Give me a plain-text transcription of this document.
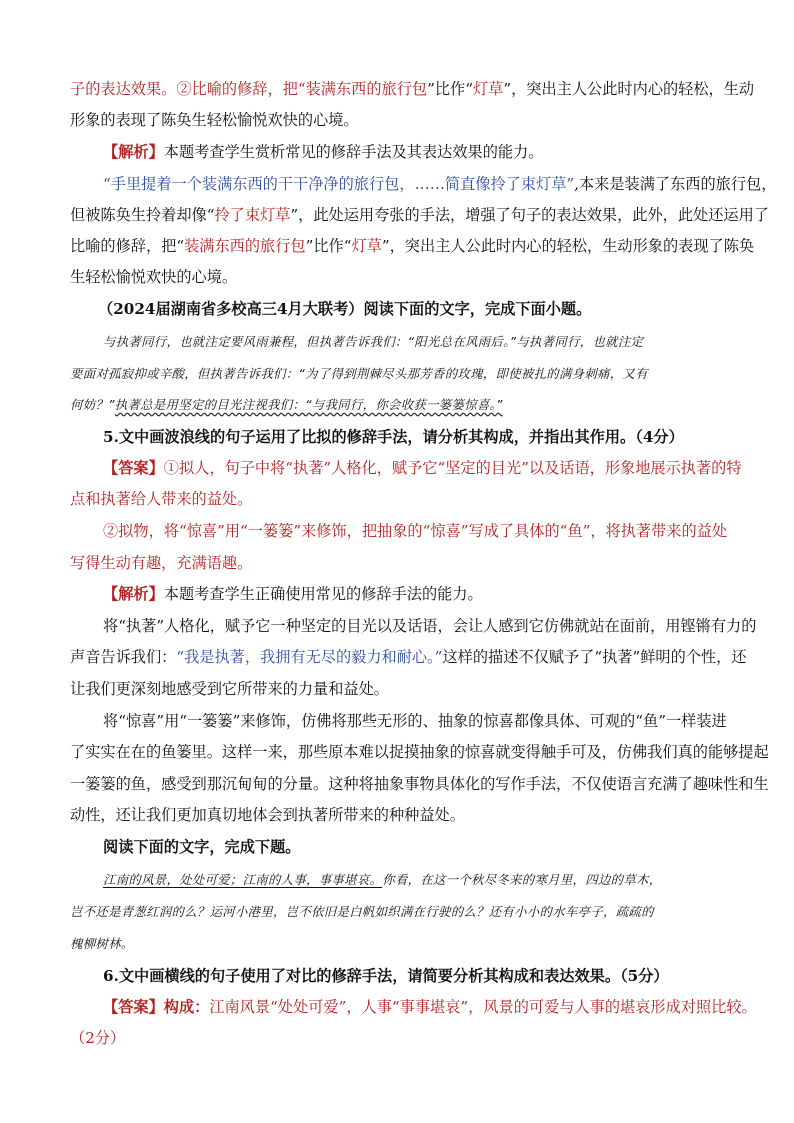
子的表达效果。②比喻的修辞，把“装满东西的旅行包”比作“灯草”，突出主人公此时内心的轻松，生动
形象的表现了陈奂生轻松愉悦欢快的心境。
【解析】本题考查学生赏析常见的修辞手法及其表达效果的能力。
“手里提着一个装满东西的干干净净的旅行包，……简直像拎了束灯草”,本来是装满了东西的旅行包，
但被陈奂生拎着却像“拎了束灯草”，此处运用夸张的手法，增强了句子的表达效果，此外，此处还运用了
比喻的修辞，把“装满东西的旅行包”比作“灯草”，突出主人公此时内心的轻松，生动形象的表现了陈奂
生轻松愉悦欢快的心境。
（2024届湖南省多校高三4月大联考）阅读下面的文字，完成下面小题。
与执著同行，也就注定要风雨兼程，但执著告诉我们：“阳光总在风雨后。”与执著同行，也就注定
要面对孤寂抑或辛酸，但执著告诉我们：“为了得到荆棘尽头那芳香的玫瑰，即使被扎的满身刺痛，又有
何妨？”执著总是用坚定的目光注视我们：“与我同行，你会收获一篓篓惊喜。”
5.文中画波浪线的句子运用了比拟的修辞手法，请分析其构成，并指出其作用。（4分）
【答案】①拟人，句子中将“执著”人格化，赋予它“坚定的目光”以及话语，形象地展示执著的特
点和执著给人带来的益处。
②拟物，将“惊喜”用“一篓篓”来修饰，把抽象的“惊喜”写成了具体的“鱼”，将执著带来的益处
写得生动有趣，充满语趣。
【解析】本题考查学生正确使用常见的修辞手法的能力。
将“执著”人格化，赋予它一种坚定的目光以及话语，会让人感到它仿佛就站在面前，用铿锵有力的
声音告诉我们：“我是执著，我拥有无尽的毅力和耐心。”这样的描述不仅赋予了“执著”鲜明的个性，还
让我们更深刻地感受到它所带来的力量和益处。
将“惊喜”用“一篓篓”来修饰，仿佛将那些无形的、抽象的惊喜都像具体、可观的“鱼”一样装进
了实实在在的鱼篓里。这样一来，那些原本难以捉摸抽象的惊喜就变得触手可及，仿佛我们真的能够提起
一篓篓的鱼，感受到那沉甸甸的分量。这种将抽象事物具体化的写作手法，不仅使语言充满了趣味性和生
动性，还让我们更加真切地体会到执著所带来的种种益处。
阅读下面的文字，完成下题。
江南的风景，处处可爱；江南的人事，事事堪哀。你看，在这一个秋尽冬来的寒月里，四边的草木，
岂不还是青葱红润的么？运河小港里，岂不依旧是白帆如织满在行驶的么？还有小小的水车亭子，疏疏的
槐柳树林。
6.文中画横线的句子使用了对比的修辞手法，请简要分析其构成和表达效果。（5分）
【答案】构成：江南风景“处处可爱”，人事“事事堪哀”，风景的可爱与人事的堪哀形成对照比较。
（2分）
